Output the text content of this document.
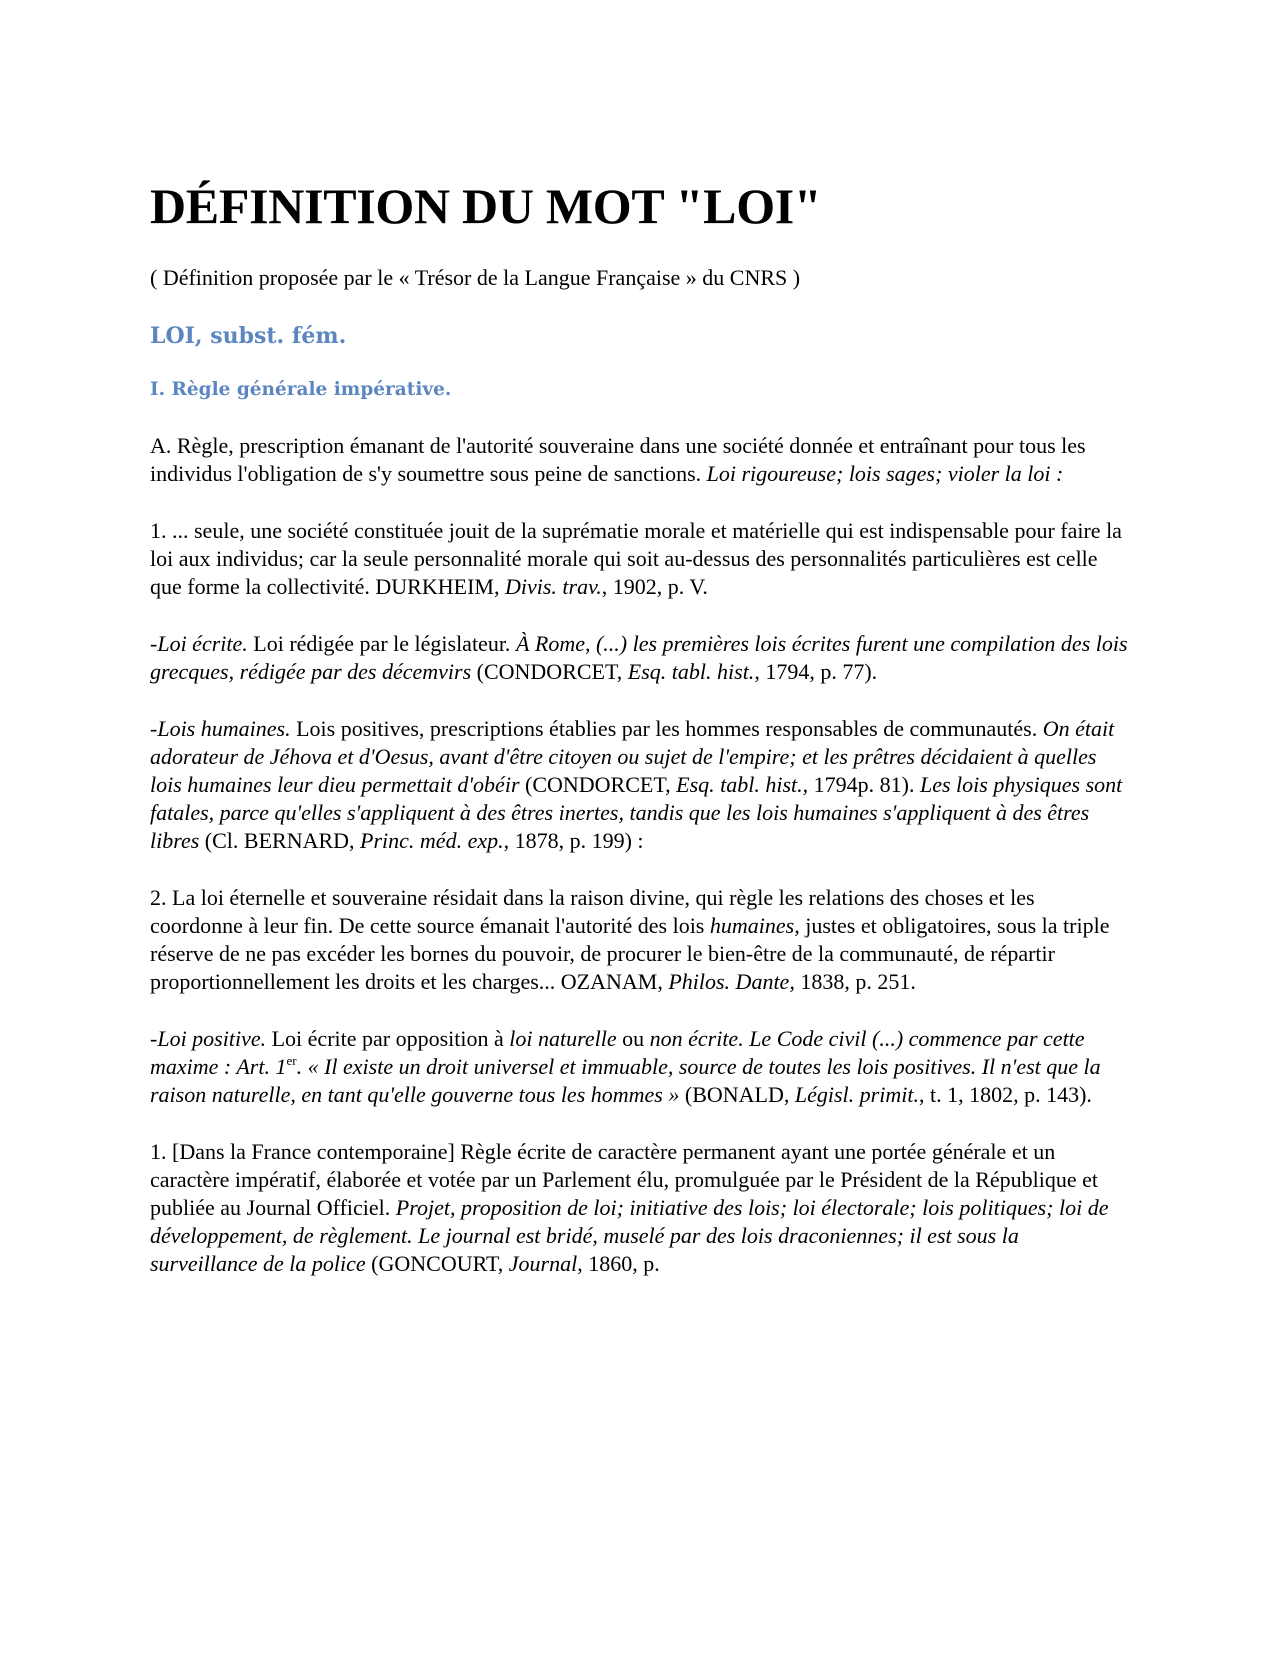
DÉFINITION DU MOT "LOI"

( Définition proposée par le « Trésor de la Langue Française » du CNRS )

LOI, subst. fém.
I. Règle générale impérative.

A. Règle, prescription émanant de l'autorité souveraine dans une société donnée et entraînant pour tous les individus l'obligation de s'y soumettre sous peine de sanctions. Loi rigoureuse; lois sages; violer la loi :

1. ... seule, une société constituée jouit de la suprématie morale et matérielle qui est indispensable pour faire la loi aux individus; car la seule personnalité morale qui soit au-dessus des personnalités particulières est celle que forme la collectivité. DURKHEIM, Divis. trav., 1902, p. V.

-Loi écrite. Loi rédigée par le législateur. À Rome, (...) les premières lois écrites furent une compilation des lois grecques, rédigée par des décemvirs (CONDORCET, Esq. tabl. hist., 1794, p. 77).

-Lois humaines. Lois positives, prescriptions établies par les hommes responsables de communautés. On était adorateur de Jéhova et d'Oesus, avant d'être citoyen ou sujet de l'empire; et les prêtres décidaient à quelles lois humaines leur dieu permettait d'obéir (CONDORCET, Esq. tabl. hist., 1794p. 81). Les lois physiques sont fatales, parce qu'elles s'appliquent à des êtres inertes, tandis que les lois humaines s'appliquent à des êtres libres (Cl. BERNARD, Princ. méd. exp., 1878, p. 199) :

2. La loi éternelle et souveraine résidait dans la raison divine, qui règle les relations des choses et les coordonne à leur fin. De cette source émanait l'autorité des lois humaines, justes et obligatoires, sous la triple réserve de ne pas excéder les bornes du pouvoir, de procurer le bien-être de la communauté, de répartir proportionnellement les droits et les charges... OZANAM, Philos. Dante, 1838, p. 251.

-Loi positive. Loi écrite par opposition à loi naturelle ou non écrite. Le Code civil (...) commence par cette maxime : Art. 1er. « Il existe un droit universel et immuable, source de toutes les lois positives. Il n'est que la raison naturelle, en tant qu'elle gouverne tous les hommes » (BONALD, Législ. primit., t. 1, 1802, p. 143).

1. [Dans la France contemporaine] Règle écrite de caractère permanent ayant une portée générale et un caractère impératif, élaborée et votée par un Parlement élu, promulguée par le Président de la République et publiée au Journal Officiel. Projet, proposition de loi; initiative des lois; loi électorale; lois politiques; loi de développement, de règlement. Le journal est bridé, muselé par des lois draconiennes; il est sous la surveillance de la police (GONCOURT, Journal, 1860, p.
